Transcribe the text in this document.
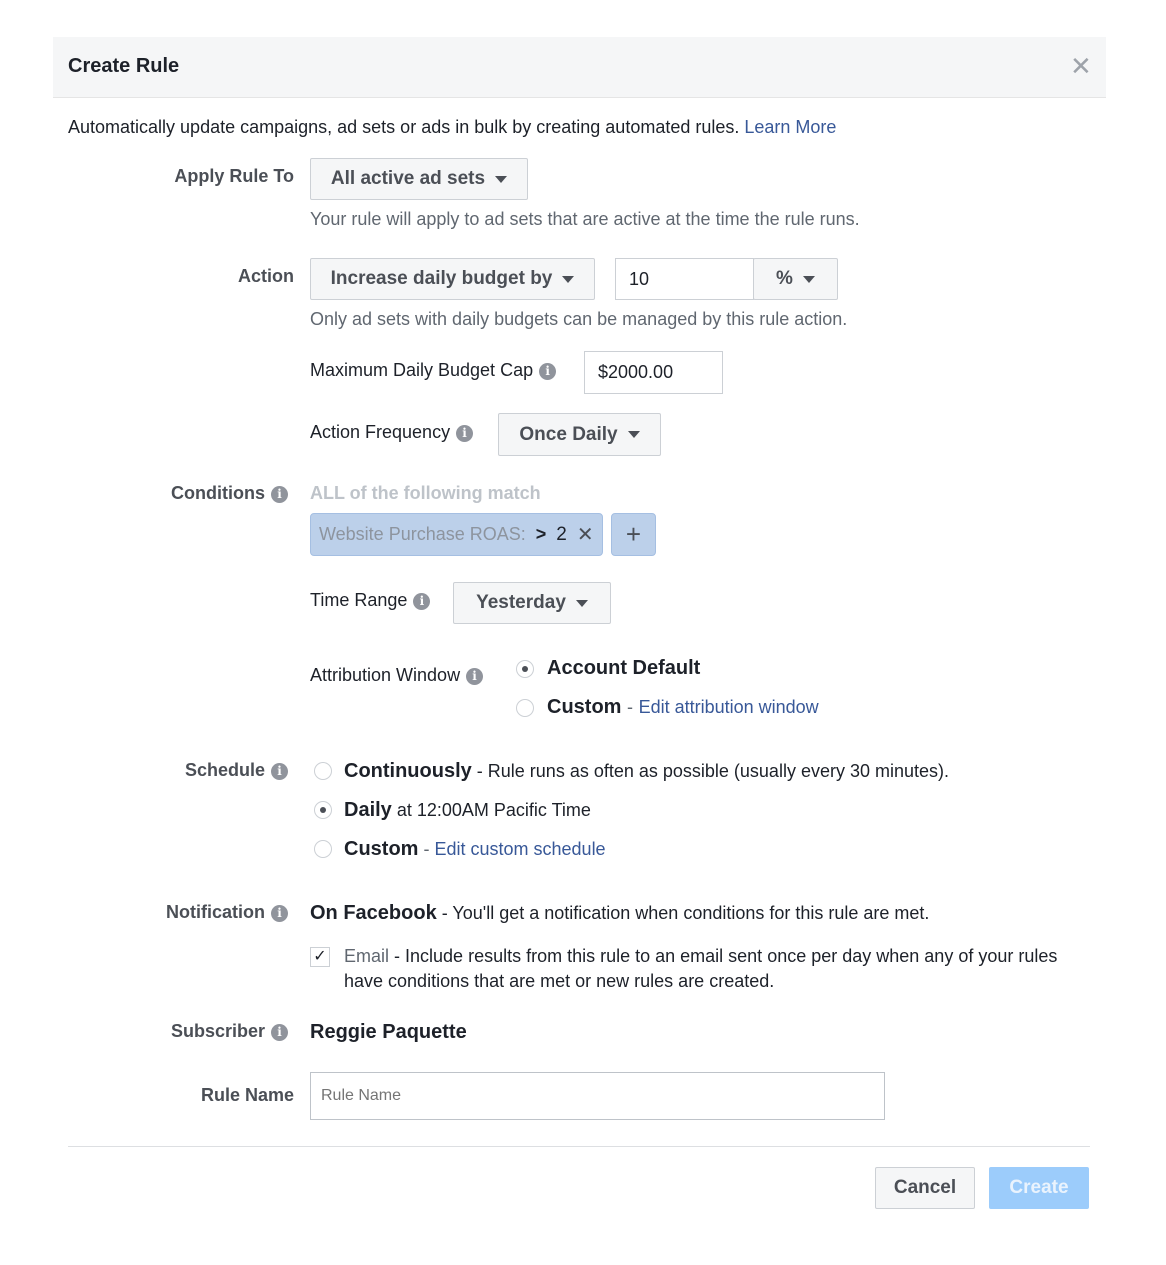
Create Rule	✕
Automatically update campaigns, ad sets or ads in bulk by creating automated rules. Learn More
Apply Rule To All active ad sets
Your rule will apply to ad sets that are active at the time the rule runs.
Action Increase daily budget by	10	%
Only ad sets with daily budgets can be managed by this rule action.
Maximum Daily Budget Cap i	$2000.00
Action Frequency i	Once Daily
Conditions i	ALL of the following match
Website Purchase ROAS: > 2 ✕	+
Time Range i	Yesterday
Attribution Window i	Account Default
Custom - Edit attribution window
Schedule i	Continuously - Rule runs as often as possible (usually every 30 minutes).
Daily at 12:00AM Pacific Time
Custom - Edit custom schedule
Notification i	On Facebook - You'll get a notification when conditions for this rule are met.
✓ Email - Include results from this rule to an email sent once per day when any of your rules
have conditions that are met or new rules are created.
Subscriber i	Reggie Paquette
Rule Name
Rule Name
Cancel	Create
